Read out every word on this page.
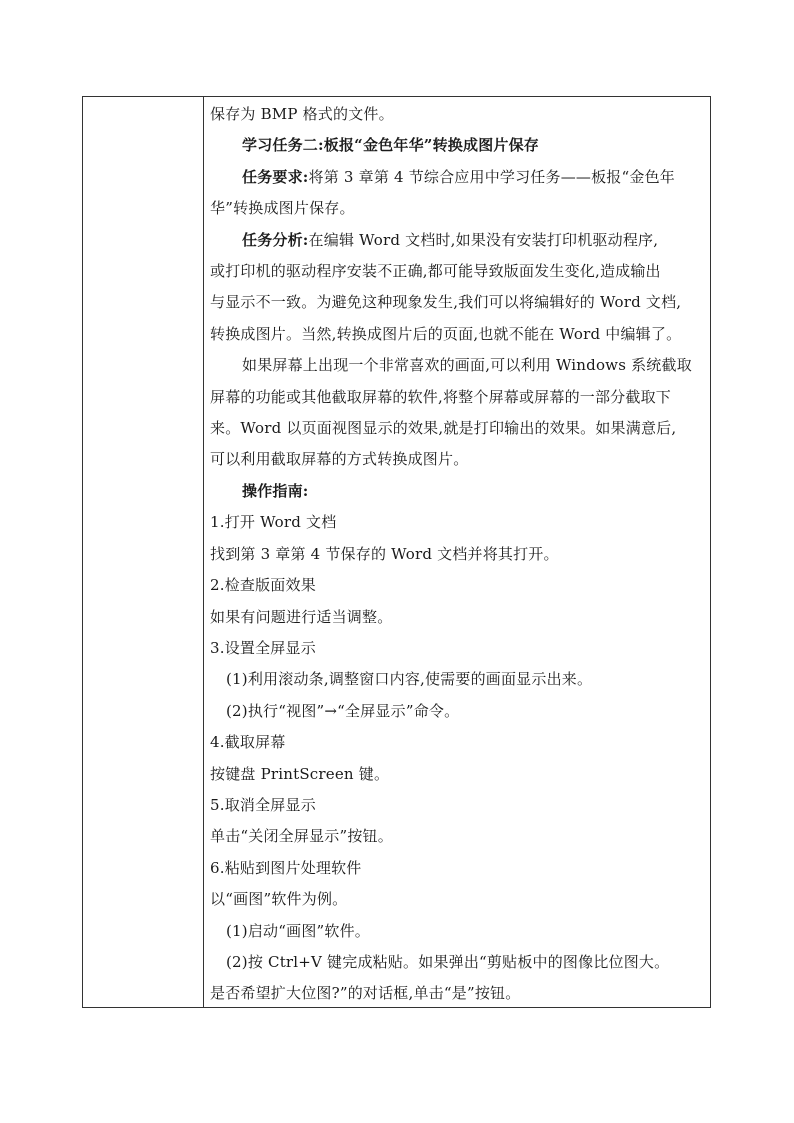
保存为 BMP 格式的文件。
学习任务二:板报“金色年华”转换成图片保存
任务要求:将第 3 章第 4 节综合应用中学习任务——板报“金色年
华”转换成图片保存。
任务分析:在编辑 Word 文档时,如果没有安装打印机驱动程序,
或打印机的驱动程序安装不正确,都可能导致版面发生变化,造成输出
与显示不一致。为避免这种现象发生,我们可以将编辑好的 Word 文档,
转换成图片。当然,转换成图片后的页面,也就不能在 Word 中编辑了。
如果屏幕上出现一个非常喜欢的画面,可以利用 Windows 系统截取
屏幕的功能或其他截取屏幕的软件,将整个屏幕或屏幕的一部分截取下
来。Word 以页面视图显示的效果,就是打印输出的效果。如果满意后,
可以利用截取屏幕的方式转换成图片。
操作指南:
1.打开 Word 文档
找到第 3 章第 4 节保存的 Word 文档并将其打开。
2.检查版面效果
如果有问题进行适当调整。
3.设置全屏显示
(1)利用滚动条,调整窗口内容,使需要的画面显示出来。
(2)执行“视图”→“全屏显示”命令。
4.截取屏幕
按键盘 PrintScreen 键。
5.取消全屏显示
单击“关闭全屏显示”按钮。
6.粘贴到图片处理软件
以“画图”软件为例。
(1)启动“画图”软件。
(2)按 Ctrl+V 键完成粘贴。如果弹出“剪贴板中的图像比位图大。
是否希望扩大位图?”的对话框,单击“是”按钮。
